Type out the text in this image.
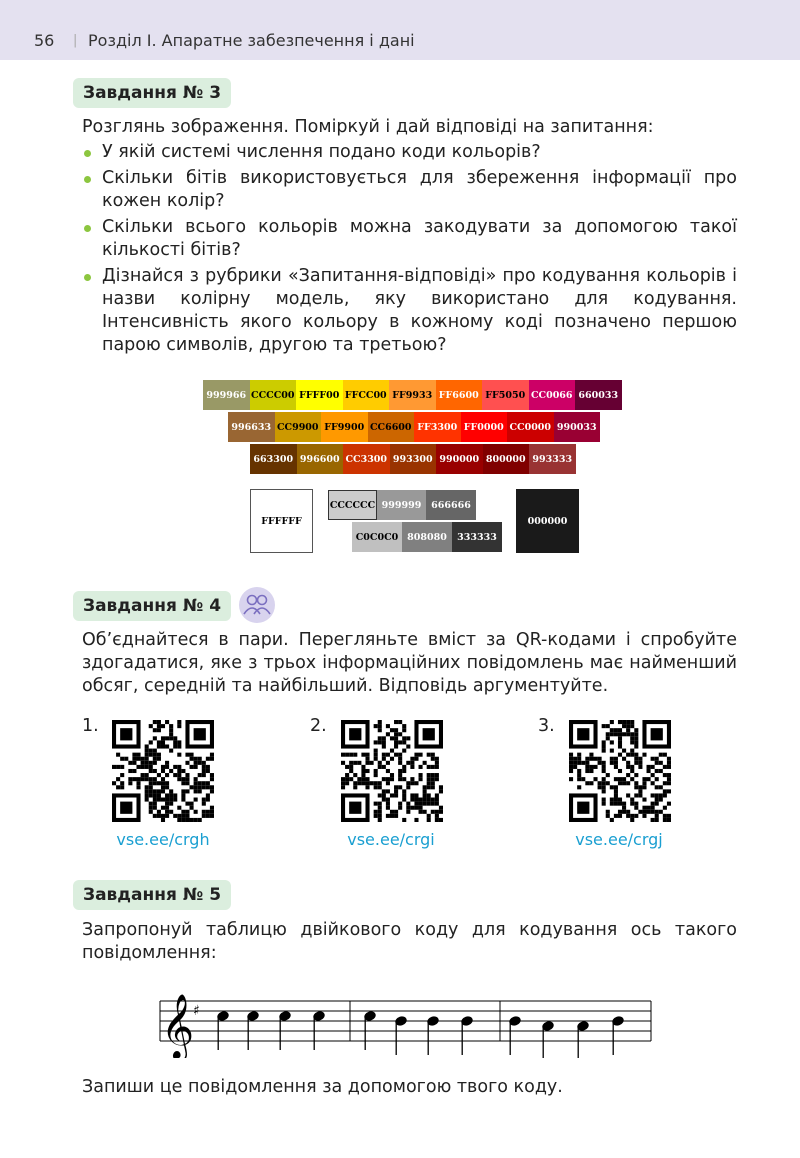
56 | Розділ І. Апаратне забезпечення і дані
Завдання № 3

Розглянь зображення. Поміркуй і дай відповіді на запитання:

У якій системі числення подано коди кольорів?
Скільки бітів використовується для збереження інформації про кожен колір?
Скільки всього кольорів можна закодувати за допомогою такої кількості бітів?
Дізнайся з рубрики «Запитання-відповіді» про кодування кольорів і назви колірну модель, яку використано для кодування. Інтенсивність якого кольору в кожному коді позначено першою парою символів, другою та третьою?
999966 CCCC00 FFFF00 FFCC00 FF9933 FF6600 FF5050 CC0066 660033
996633 CC9900 FF9900 CC6600 FF3300 FF0000 CC0000 990033
663300 996600 CC3300 993300 990000 800000 993333
FFFFFF
CCCCCC 999999 666666
C0C0C0 808080 333333
000000
Завдання № 4

Об’єднайтеся в пари. Перегляньте вміст за QR-кодами і спробуйте здогадатися, яке з трьох інформаційних повідомлень має найменший обсяг, середній та найбільший. Відповідь аргументуйте.

1.
vse.ee/crgh
2.
vse.ee/crgi
3.
vse.ee/crgj
Завдання № 5

Запропонуй таблицю двійкового коду для кодування ось такого повідомлення:

𝄞
♯

Запиши це повідомлення за допомогою твого коду.
